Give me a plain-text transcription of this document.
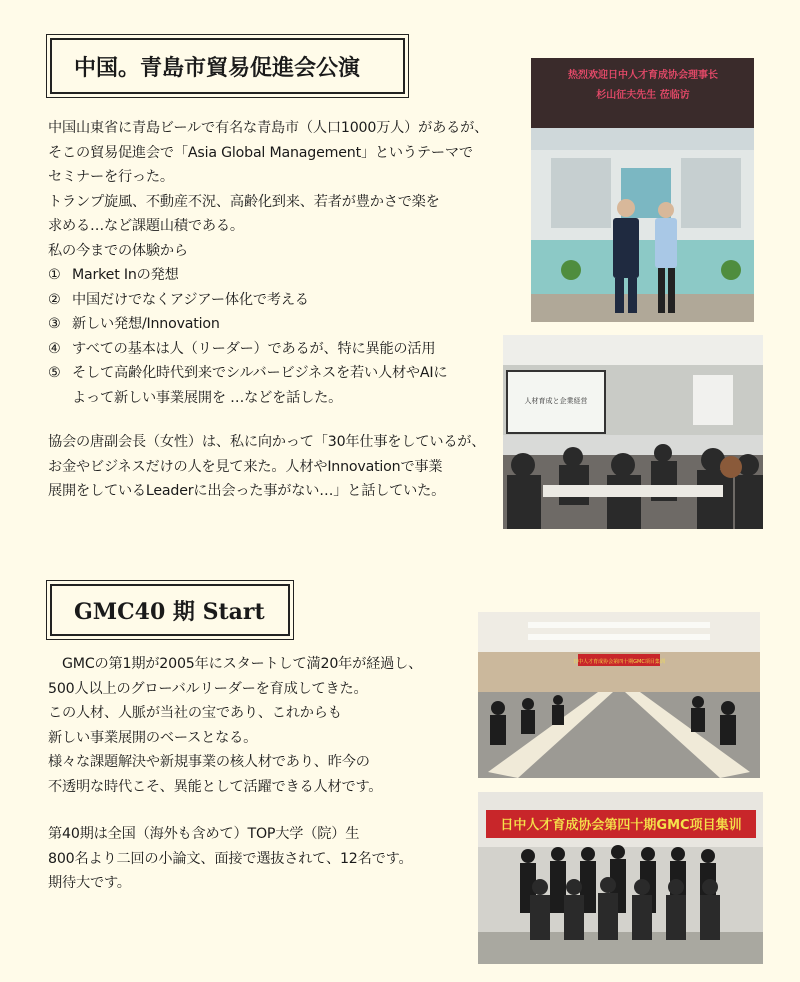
中国。青島市貿易促進会公演
中国山東省に青島ビールで有名な青島市（人口1000万人）があるが、
そこの貿易促進会で「Asia Global Management」というテーマで
セミナーを行った。
トランプ旋風、不動産不況、高齢化到来、若者が豊かさで楽を
求める…など課題山積である。
私の今までの体験から
① Market Inの発想
② 中国だけでなくアジアー体化で考える
③ 新しい発想/Innovation
④ すべての基本は人（リーダー）であるが、特に異能の活用
⑤ そして高齢化時代到来でシルバービジネスを若い人材やAIに
よって新しい事業展開を …などを話した。
協会の唐副会長（女性）は、私に向かって「30年仕事をしているが、
お金やビジネスだけの人を見て来た。人材やInnovationで事業
展開をしているLeaderに出会った事がない…」と話していた。
热烈欢迎日中人才育成协会理事长
杉山征夫先生 莅临访
人材育成と企業経営
GMC40 期 Start
　GMCの第1期が2005年にスタートして満20年が経過し、
500人以上のグローバルリーダーを育成してきた。
この人材、人脈が当社の宝であり、これからも
新しい事業展開のベースとなる。
様々な課題解決や新規事業の核人材であり、昨今の
不透明な時代こそ、異能として活躍できる人材です。
第40期は全国（海外も含めて）TOP大学（院）生
800名より二回の小論文、面接で選抜されて、12名です。
期待大です。
日中人才育成协会第四十期GMC项目集训
日中人才育成协会第四十期GMC项目集训
